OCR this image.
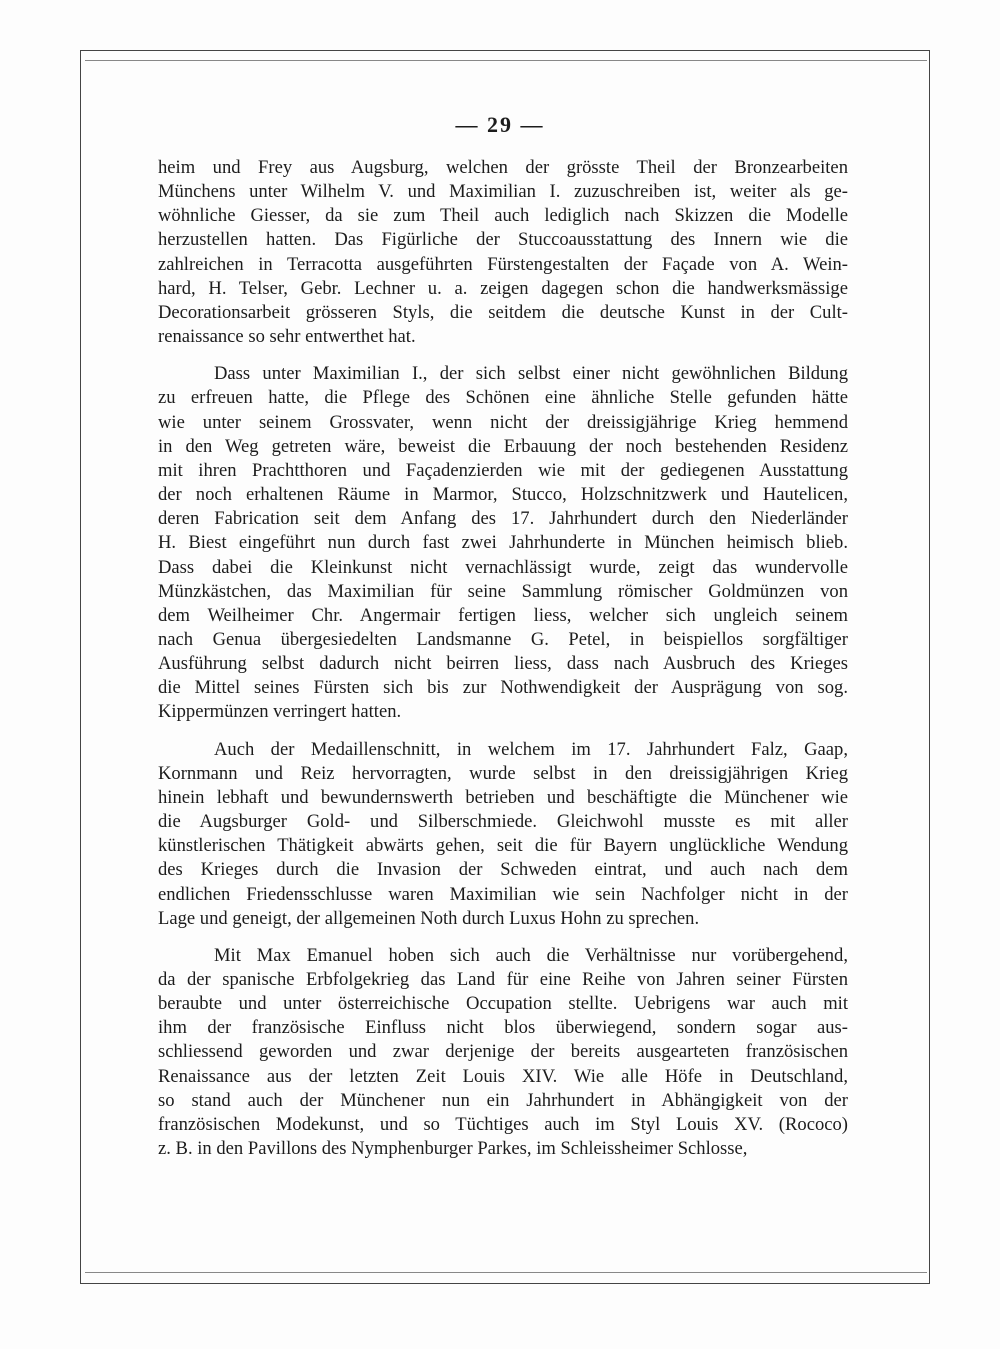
— 29 —
heim und Frey aus Augsburg, welchen der grösste Theil der Bronzearbeiten
Münchens unter Wilhelm V. und Maximilian I. zuzuschreiben ist, weiter als ge-
wöhnliche Giesser, da sie zum Theil auch lediglich nach Skizzen die Modelle
herzustellen hatten. Das Figürliche der Stuccoausstattung des Innern wie die
zahlreichen in Terracotta ausgeführten Fürstengestalten der Façade von A. Wein-
hard, H. Telser, Gebr. Lechner u. a. zeigen dagegen schon die handwerksmässige
Decorationsarbeit grösseren Styls, die seitdem die deutsche Kunst in der Cult-
renaissance so sehr entwerthet hat.
Dass unter Maximilian I., der sich selbst einer nicht gewöhnlichen Bildung
zu erfreuen hatte, die Pflege des Schönen eine ähnliche Stelle gefunden hätte
wie unter seinem Grossvater, wenn nicht der dreissigjährige Krieg hemmend
in den Weg getreten wäre, beweist die Erbauung der noch bestehenden Residenz
mit ihren Prachtthoren und Façadenzierden wie mit der gediegenen Ausstattung
der noch erhaltenen Räume in Marmor, Stucco, Holzschnitzwerk und Hautelicen,
deren Fabrication seit dem Anfang des 17. Jahrhundert durch den Niederländer
H. Biest eingeführt nun durch fast zwei Jahrhunderte in München heimisch blieb.
Dass dabei die Kleinkunst nicht vernachlässigt wurde, zeigt das wundervolle
Münzkästchen, das Maximilian für seine Sammlung römischer Goldmünzen von
dem Weilheimer Chr. Angermair fertigen liess, welcher sich ungleich seinem
nach Genua übergesiedelten Landsmanne G. Petel, in beispiellos sorgfältiger
Ausführung selbst dadurch nicht beirren liess, dass nach Ausbruch des Krieges
die Mittel seines Fürsten sich bis zur Nothwendigkeit der Ausprägung von sog.
Kippermünzen verringert hatten.
Auch der Medaillenschnitt, in welchem im 17. Jahrhundert Falz, Gaap,
Kornmann und Reiz hervorragten, wurde selbst in den dreissigjährigen Krieg
hinein lebhaft und bewundernswerth betrieben und beschäftigte die Münchener wie
die Augsburger Gold- und Silberschmiede. Gleichwohl musste es mit aller
künstlerischen Thätigkeit abwärts gehen, seit die für Bayern unglückliche Wendung
des Krieges durch die Invasion der Schweden eintrat, und auch nach dem
endlichen Friedensschlusse waren Maximilian wie sein Nachfolger nicht in der
Lage und geneigt, der allgemeinen Noth durch Luxus Hohn zu sprechen.
Mit Max Emanuel hoben sich auch die Verhältnisse nur vorübergehend,
da der spanische Erbfolgekrieg das Land für eine Reihe von Jahren seiner Fürsten
beraubte und unter österreichische Occupation stellte. Uebrigens war auch mit
ihm der französische Einfluss nicht blos überwiegend, sondern sogar aus-
schliessend geworden und zwar derjenige der bereits ausgearteten französischen
Renaissance aus der letzten Zeit Louis XIV. Wie alle Höfe in Deutschland,
so stand auch der Münchener nun ein Jahrhundert in Abhängigkeit von der
französischen Modekunst, und so Tüchtiges auch im Styl Louis XV. (Rococo)
z. B. in den Pavillons des Nymphenburger Parkes, im Schleissheimer Schlosse,
